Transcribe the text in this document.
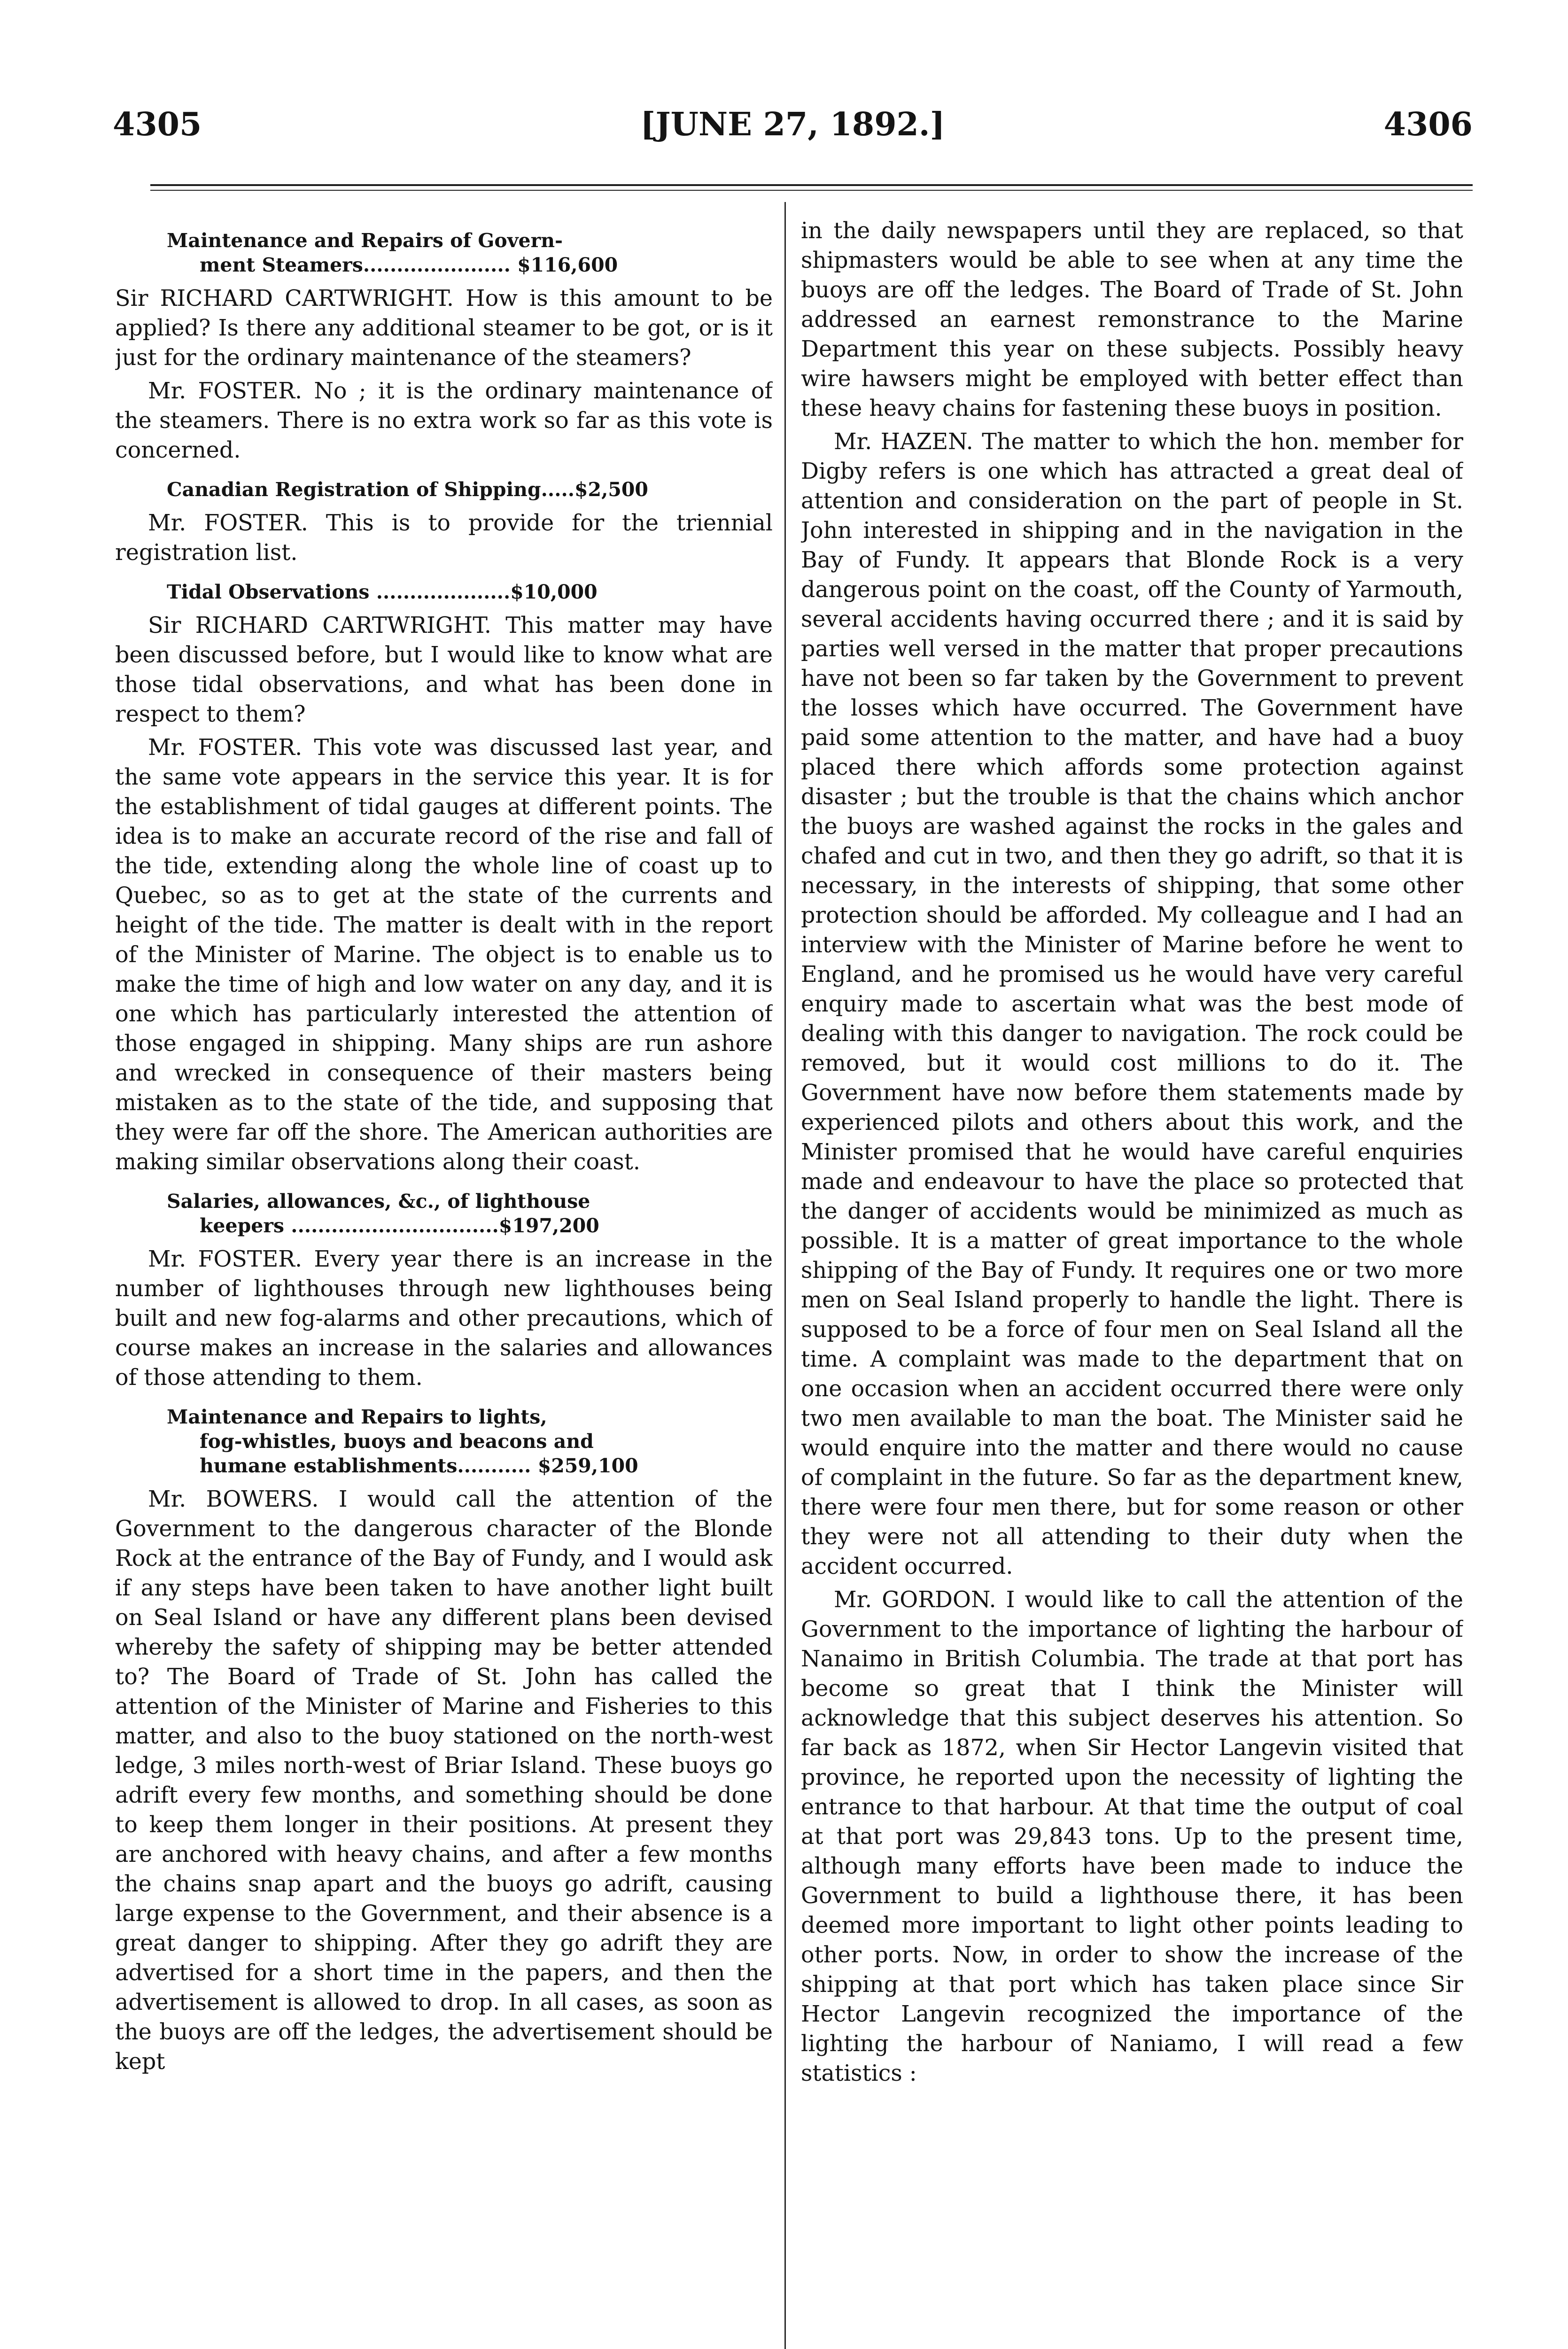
4305	[JUNE 27, 1892.]	4306
Maintenance and Repairs of Govern-
ment Steamers...................... $116,600

Sir RICHARD CARTWRIGHT. How is this amount to be applied? Is there any additional steamer to be got, or is it just for the ordinary maintenance of the steamers?

Mr. FOSTER. No ; it is the ordinary maintenance of the steamers. There is no extra work so far as this vote is concerned.

Canadian Registration of Shipping.....$2,500

Mr. FOSTER. This is to provide for the triennial registration list.

Tidal Observations ....................$10,000

Sir RICHARD CARTWRIGHT. This matter may have been discussed before, but I would like to know what are those tidal observations, and what has been done in respect to them?

Mr. FOSTER. This vote was discussed last year, and the same vote appears in the service this year. It is for the establishment of tidal gauges at different points. The idea is to make an accurate record of the rise and fall of the tide, extending along the whole line of coast up to Quebec, so as to get at the state of the currents and height of the tide. The matter is dealt with in the report of the Minister of Marine. The object is to enable us to make the time of high and low water on any day, and it is one which has particularly interested the attention of those engaged in shipping. Many ships are run ashore and wrecked in consequence of their masters being mistaken as to the state of the tide, and supposing that they were far off the shore. The American authorities are making similar observations along their coast.

Salaries, allowances, &c., of lighthouse
keepers ...............................$197,200

Mr. FOSTER. Every year there is an increase in the number of lighthouses through new lighthouses being built and new fog-alarms and other precautions, which of course makes an increase in the salaries and allowances of those attending to them.

Maintenance and Repairs to lights,
fog-whistles, buoys and beacons and
humane establishments........... $259,100

Mr. BOWERS. I would call the attention of the Government to the dangerous character of the Blonde Rock at the entrance of the Bay of Fundy, and I would ask if any steps have been taken to have another light built on Seal Island or have any different plans been devised whereby the safety of shipping may be better attended to? The Board of Trade of St. John has called the attention of the Minister of Marine and Fisheries to this matter, and also to the buoy stationed on the north-west ledge, 3 miles north-west of Briar Island. These buoys go adrift every few months, and something should be done to keep them longer in their positions. At present they are anchored with heavy chains, and after a few months the chains snap apart and the buoys go adrift, causing large expense to the Government, and their absence is a great danger to shipping. After they go adrift they are advertised for a short time in the papers, and then the advertisement is allowed to drop. In all cases, as soon as the buoys are off the ledges, the advertisement should be kept

in the daily newspapers until they are replaced, so that shipmasters would be able to see when at any time the buoys are off the ledges. The Board of Trade of St. John addressed an earnest remonstrance to the Marine Department this year on these subjects. Possibly heavy wire hawsers might be employed with better effect than these heavy chains for fastening these buoys in position.

Mr. HAZEN. The matter to which the hon. member for Digby refers is one which has attracted a great deal of attention and consideration on the part of people in St. John interested in shipping and in the navigation in the Bay of Fundy. It appears that Blonde Rock is a very dangerous point on the coast, off the County of Yarmouth, several accidents having occurred there ; and it is said by parties well versed in the matter that proper precautions have not been so far taken by the Government to prevent the losses which have occurred. The Government have paid some attention to the matter, and have had a buoy placed there which affords some protection against disaster ; but the trouble is that the chains which anchor the buoys are washed against the rocks in the gales and chafed and cut in two, and then they go adrift, so that it is necessary, in the interests of shipping, that some other protection should be afforded. My colleague and I had an interview with the Minister of Marine before he went to England, and he promised us he would have very careful enquiry made to ascertain what was the best mode of dealing with this danger to navigation. The rock could be removed, but it would cost millions to do it. The Government have now before them statements made by experienced pilots and others about this work, and the Minister promised that he would have careful enquiries made and endeavour to have the place so protected that the danger of accidents would be minimized as much as possible. It is a matter of great importance to the whole shipping of the Bay of Fundy. It requires one or two more men on Seal Island properly to handle the light. There is supposed to be a force of four men on Seal Island all the time. A complaint was made to the department that on one occasion when an accident occurred there were only two men available to man the boat. The Minister said he would enquire into the matter and there would no cause of complaint in the future. So far as the department knew, there were four men there, but for some reason or other they were not all attending to their duty when the accident occurred.

Mr. GORDON. I would like to call the attention of the Government to the importance of lighting the harbour of Nanaimo in British Columbia. The trade at that port has become so great that I think the Minister will acknowledge that this subject deserves his attention. So far back as 1872, when Sir Hector Langevin visited that province, he reported upon the necessity of lighting the entrance to that harbour. At that time the output of coal at that port was 29,843 tons. Up to the present time, although many efforts have been made to induce the Government to build a lighthouse there, it has been deemed more important to light other points leading to other ports. Now, in order to show the increase of the shipping at that port which has taken place since Sir Hector Langevin recognized the importance of the lighting the harbour of Naniamo, I will read a few statistics :
